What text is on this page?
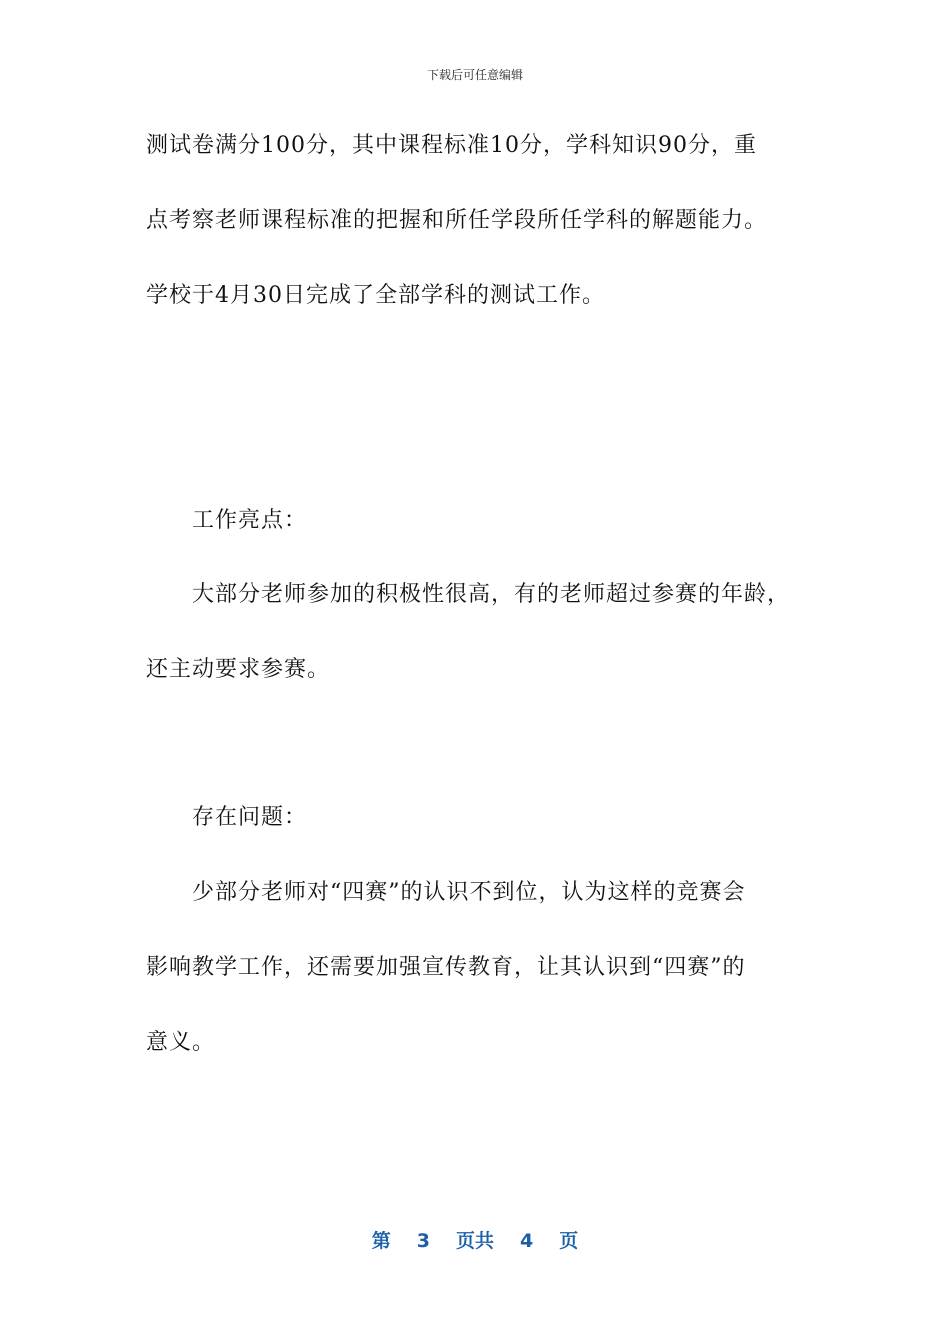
下载后可任意编辑
测试卷满分100分，其中课程标准10分，学科知识90分，重
点考察老师课程标准的把握和所任学段所任学科的解题能力。
学校于4月30日完成了全部学科的测试工作。
工作亮点：
大部分老师参加的积极性很高，有的老师超过参赛的年龄，
还主动要求参赛。
存在问题：
少部分老师对“四赛”的认识不到位，认为这样的竞赛会
影响教学工作，还需要加强宣传教育，让其认识到“四赛”的
意义。
第 3 页共 4 页
